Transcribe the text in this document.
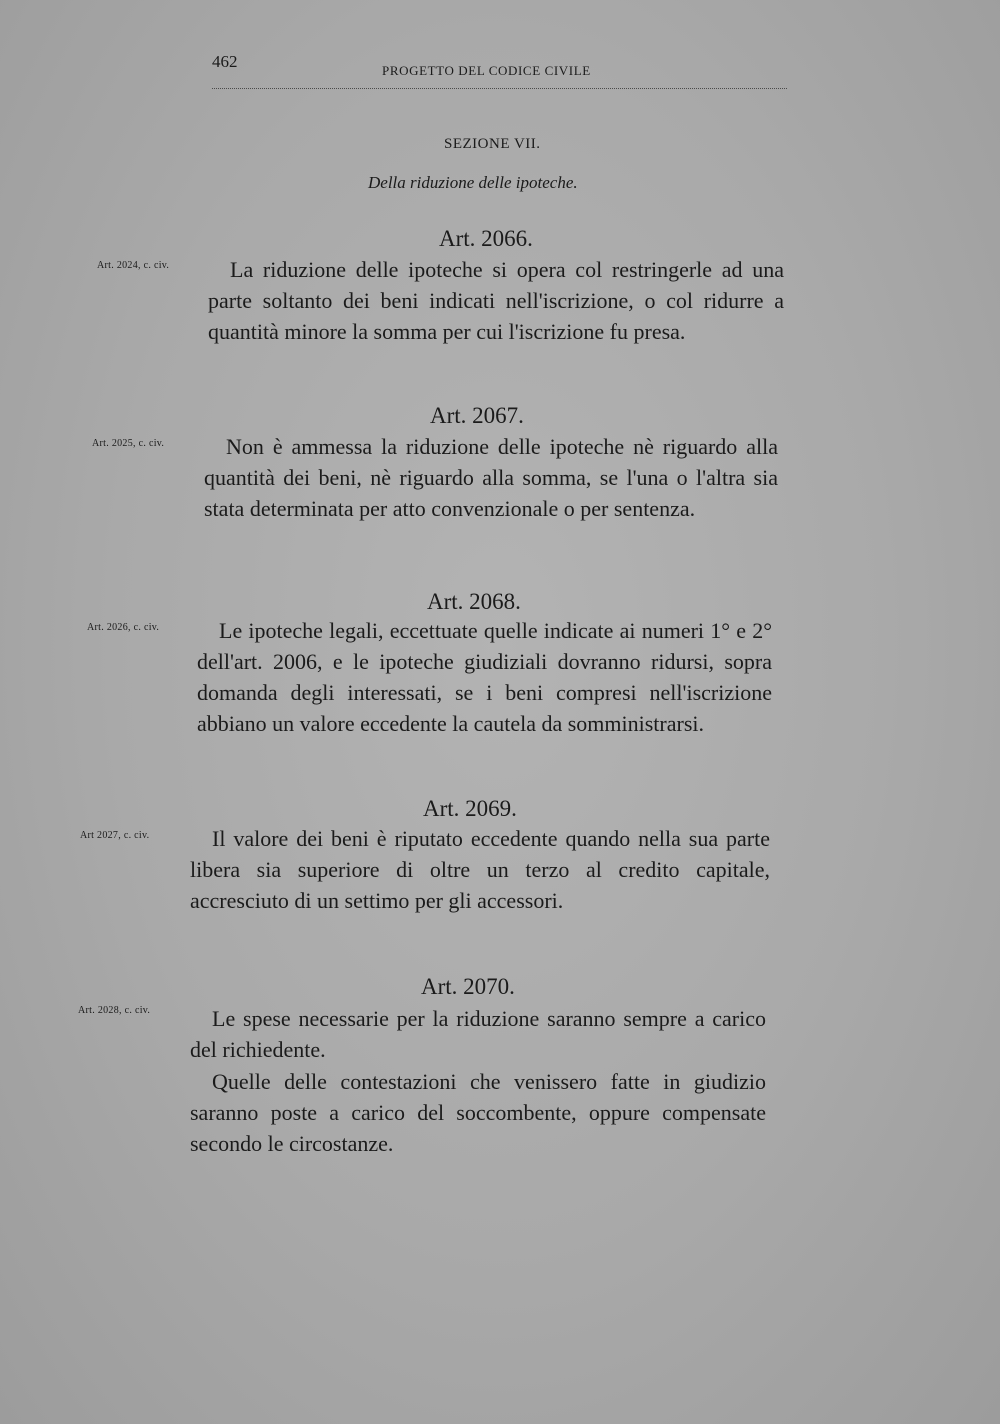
462	PROGETTO DEL CODICE CIVILE
SEZIONE VII.
Della riduzione delle ipoteche.
Art. 2066.
Art. 2024, c. civ.	La riduzione delle ipoteche si opera col restringerle ad una parte soltanto dei beni indicati nell'iscrizione, o col ridurre a quantità minore la somma per cui l'iscrizione fu presa.

Art. 2067.
Art. 2025, c. civ.	Non è ammessa la riduzione delle ipoteche nè riguardo alla quantità dei beni, nè riguardo alla somma, se l'una o l'altra sia stata determinata per atto convenzionale o per sentenza.

Art. 2068.
Art. 2026, c. civ.	Le ipoteche legali, eccettuate quelle indicate ai numeri 1° e 2° dell'art. 2006, e le ipoteche giudiziali dovranno ridursi, sopra domanda degli interessati, se i beni compresi nell'iscrizione abbiano un valore eccedente la cautela da somministrarsi.

Art. 2069.
Art 2027, c. civ.	Il valore dei beni è riputato eccedente quando nella sua parte libera sia superiore di oltre un terzo al credito capitale, accresciuto di un settimo per gli accessori.

Art. 2070.
Art. 2028, c. civ.	Le spese necessarie per la riduzione saranno sempre a carico del richiedente.

Quelle delle contestazioni che venissero fatte in giudizio saranno poste a carico del soccombente, oppure compensate secondo le circostanze.
